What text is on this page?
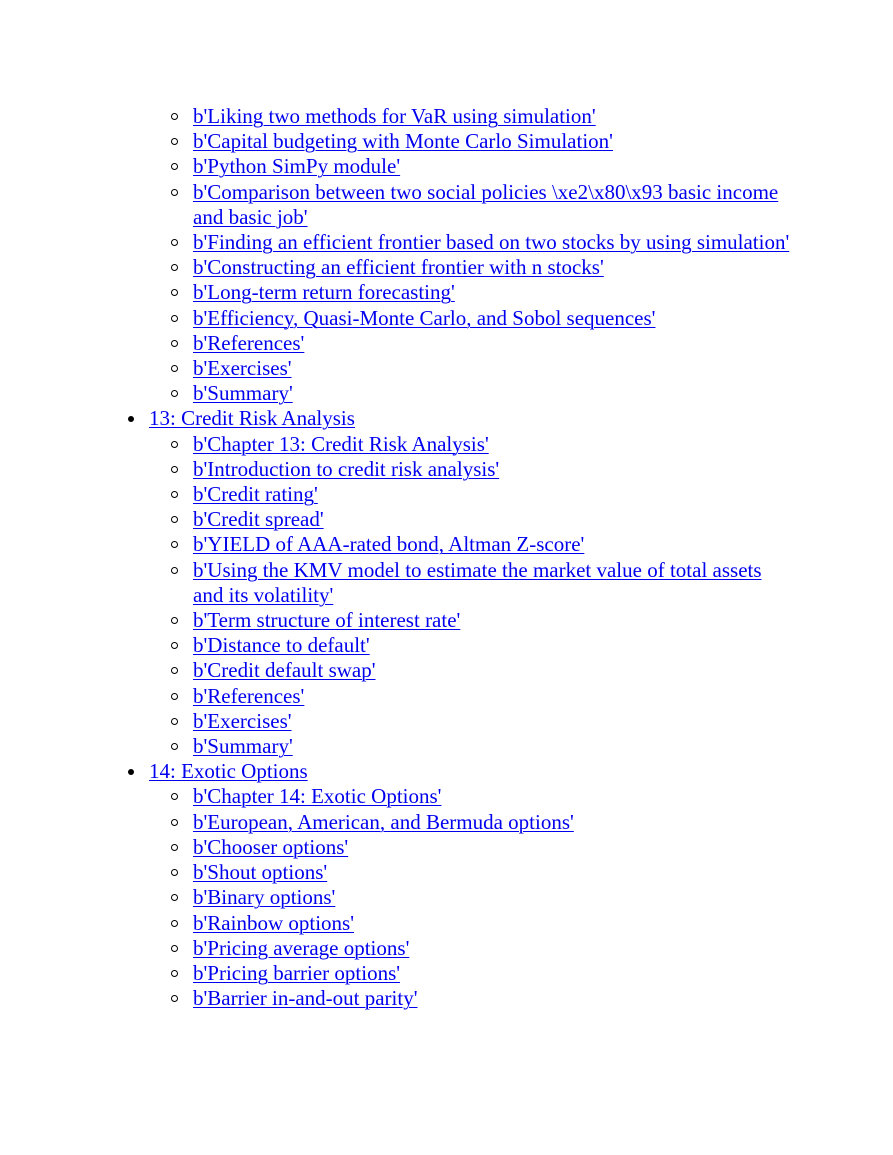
b'Liking two methods for VaR using simulation'
b'Capital budgeting with Monte Carlo Simulation'
b'Python SimPy module'
b'Comparison between two social policies \xe2\x80\x93 basic income and basic job'
b'Finding an efficient frontier based on two stocks by using simulation'
b'Constructing an efficient frontier with n stocks'
b'Long-term return forecasting'
b'Efficiency, Quasi-Monte Carlo, and Sobol sequences'
b'References'
b'Exercises'
b'Summary'
13: Credit Risk Analysis
b'Chapter 13: Credit Risk Analysis'
b'Introduction to credit risk analysis'
b'Credit rating'
b'Credit spread'
b'YIELD of AAA-rated bond, Altman Z-score'
b'Using the KMV model to estimate the market value of total assets and its volatility'
b'Term structure of interest rate'
b'Distance to default'
b'Credit default swap'
b'References'
b'Exercises'
b'Summary'
14: Exotic Options
b'Chapter 14: Exotic Options'
b'European, American, and Bermuda options'
b'Chooser options'
b'Shout options'
b'Binary options'
b'Rainbow options'
b'Pricing average options'
b'Pricing barrier options'
b'Barrier in-and-out parity'
